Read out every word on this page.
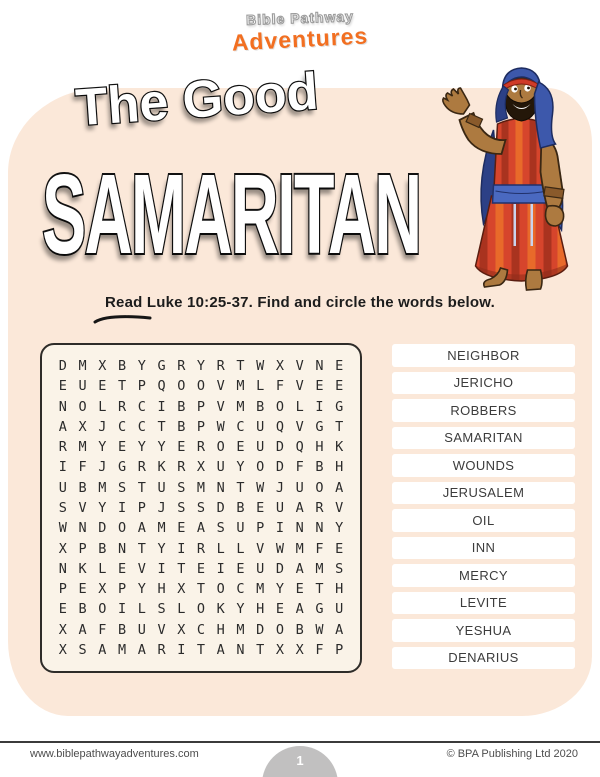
Bible Pathway
Adventures
The Good
SAMARITAN
Read Luke 10:25-37. Find and circle the words below.
D M X B Y G R Y R T W X V N E
E U E T P Q O O V M L F V E E
N O L R C I B P V M B O L I G
A X J C C T B P W C U Q V G T
R M Y E Y Y E R O E U D Q H K
I F J G R K R X U Y O D F B H
U B M S T U S M N T W J U O A
S V Y I P J S S D B E U A R V
W N D O A M E A S U P I N N Y
X P B N T Y I R L L V W M F E
N K L E V I T E I E U D A M S
P E X P Y H X T O C M Y E T H
E B O I L S L O K Y H E A G U
X A F B U V X C H M D O B W A
X S A M A R I T A N T X X F P
NEIGHBOR
JERICHO
ROBBERS
SAMARITAN
WOUNDS
JERUSALEM
OIL
INN
MERCY
LEVITE
YESHUA
DENARIUS
www.biblepathwayadventures.com	1	© BPA Publishing Ltd 2020
